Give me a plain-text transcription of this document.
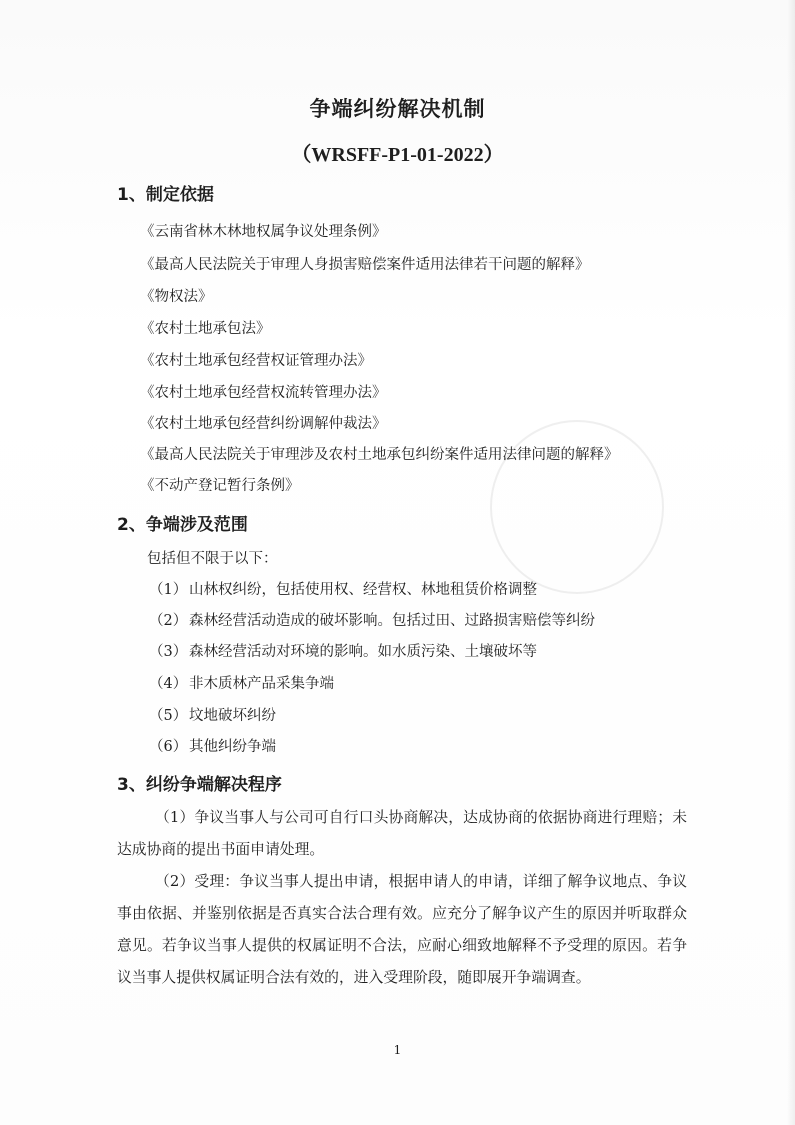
争端纠纷解决机制
（WRSFF-P1-01-2022）
1、制定依据
《云南省林木林地权属争议处理条例》
《最高人民法院关于审理人身损害赔偿案件适用法律若干问题的解释》
《物权法》
《农村土地承包法》
《农村土地承包经营权证管理办法》
《农村土地承包经营权流转管理办法》
《农村土地承包经营纠纷调解仲裁法》
《最高人民法院关于审理涉及农村土地承包纠纷案件适用法律问题的解释》
《不动产登记暂行条例》
2、争端涉及范围
包括但不限于以下：
（1） 山林权纠纷，包括使用权、经营权、林地租赁价格调整
（2） 森林经营活动造成的破坏影响。包括过田、过路损害赔偿等纠纷
（3） 森林经营活动对环境的影响。如水质污染、土壤破坏等
（4） 非木质林产品采集争端
（5） 坟地破坏纠纷
（6） 其他纠纷争端
3、纠纷争端解决程序
（1）争议当事人与公司可自行口头协商解决，达成协商的依据协商进行理赔；未达成协商的提出书面申请处理。
（2）受理：争议当事人提出申请，根据申请人的申请，详细了解争议地点、争议事由依据、并鉴别依据是否真实合法合理有效。应充分了解争议产生的原因并听取群众意见。若争议当事人提供的权属证明不合法，应耐心细致地解释不予受理的原因。若争议当事人提供权属证明合法有效的，进入受理阶段，随即展开争端调查。
1
